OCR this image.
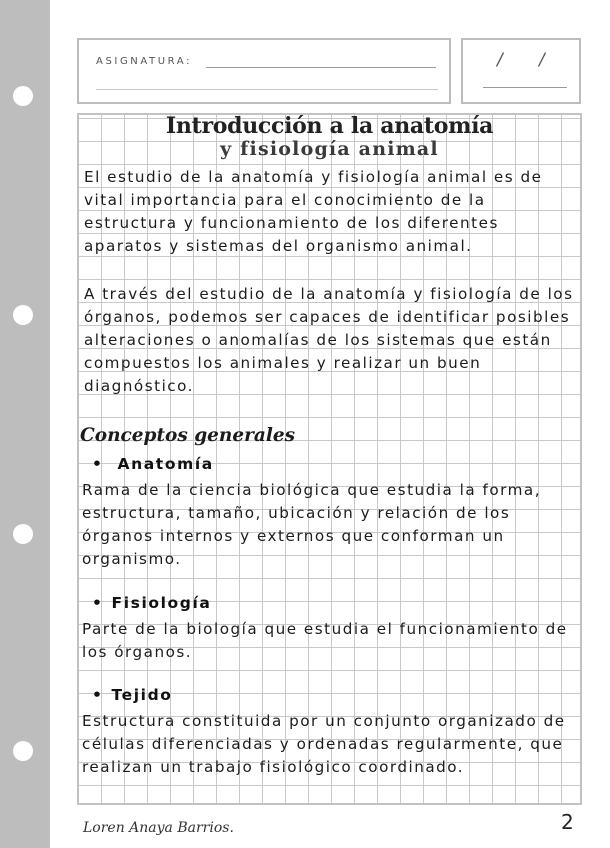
ASIGNATURA:	/ /
Introducción a la anatomía
y fisiología animal
El estudio de la anatomía y fisiología animal es de vital importancia para el conocimiento de la estructura y funcionamiento de los diferentes aparatos y sistemas del organismo animal.
A través del estudio de la anatomía y fisiología de los órganos, podemos ser capaces de identificar posibles alteraciones o anomalías de los sistemas que están compuestos los animales y realizar un buen diagnóstico.
Conceptos generales
• Anatomía
Rama de la ciencia biológica que estudia la forma, estructura, tamaño, ubicación y relación de los órganos internos y externos que conforman un organismo.
• Fisiología
Parte de la biología que estudia el funcionamiento de los órganos.
• Tejido
Estructura constituida por un conjunto organizado de células diferenciadas y ordenadas regularmente, que realizan un trabajo fisiológico coordinado.
Loren Anaya Barrios.	2
